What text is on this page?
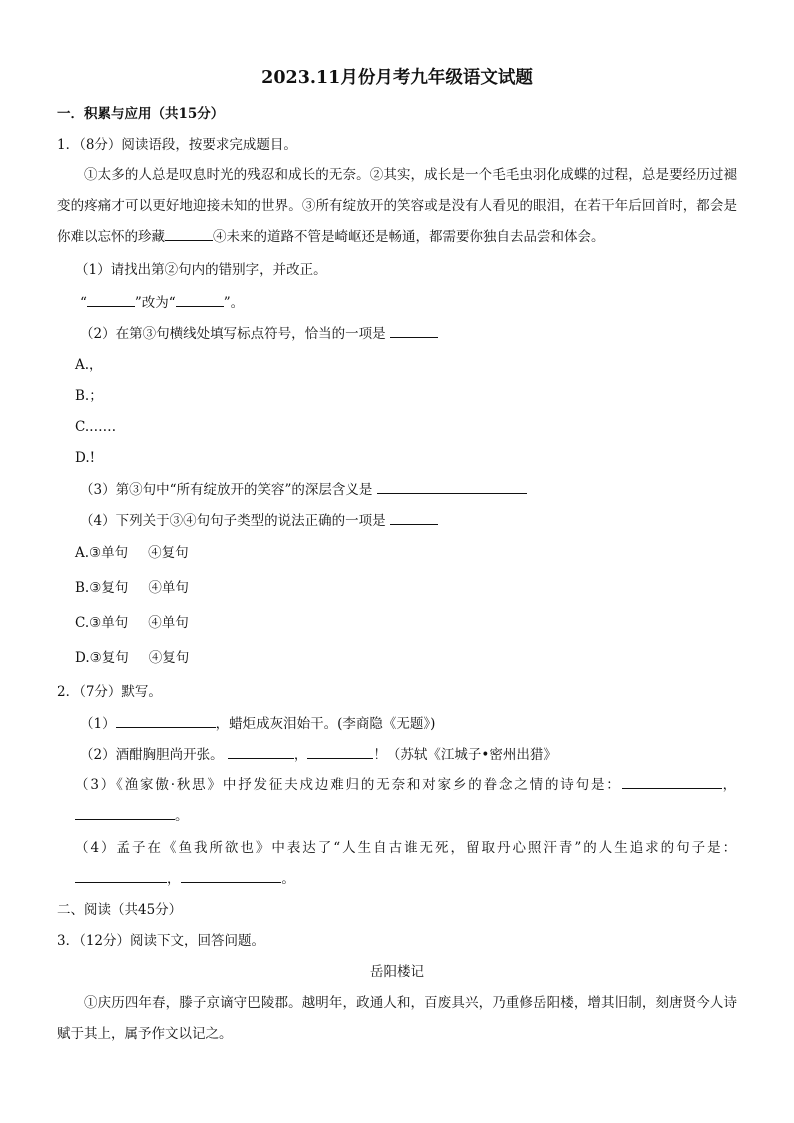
2023.11月份月考九年级语文试题
一．积累与应用（共15分）
1．（8分）阅读语段，按要求完成题目。
①太多的人总是叹息时光的残忍和成长的无奈。②其实，成长是一个毛毛虫羽化成蝶的过程，总是要经历过褪变的疼痛才可以更好地迎接未知的世界。③所有绽放开的笑容或是没有人看见的眼泪，在若干年后回首时，都会是你难以忘怀的珍藏	④未来的道路不管是崎岖还是畅通，都需要你独自去品尝和体会。
（1）请找出第②句内的错别字，并改正。
“	”改为“	”。
（2）在第③句横线处填写标点符号，恰当的一项是
A.，
B.；
C.……
D.!
（3）第③句中“所有绽放开的笑容”的深层含义是
（4）下列关于③④句句子类型的说法正确的一项是
A.③单句 ④复句
B.③复句 ④单句
C.③单句 ④单句
D.③复句 ④复句
2．（7分）默写。
（1）	，蜡炬成灰泪始干。(李商隐《无题》)
（2）酒酣胸胆尚开张。	，	！（苏轼《江城子•密州出猎》
（3）《渔家傲·秋思》中抒发征夫戍边难归的无奈和对家乡的眷念之情的诗句是：	，。
（4）孟子在《鱼我所欲也》中表达了“人生自古谁无死，留取丹心照汗青”的人生追求的句子是：，	。
二、阅读（共45分）
3．（12分）阅读下文，回答问题。
岳阳楼记
①庆历四年春，滕子京谪守巴陵郡。越明年，政通人和，百废具兴，乃重修岳阳楼，增其旧制，刻唐贤今人诗赋于其上，属予作文以记之。
